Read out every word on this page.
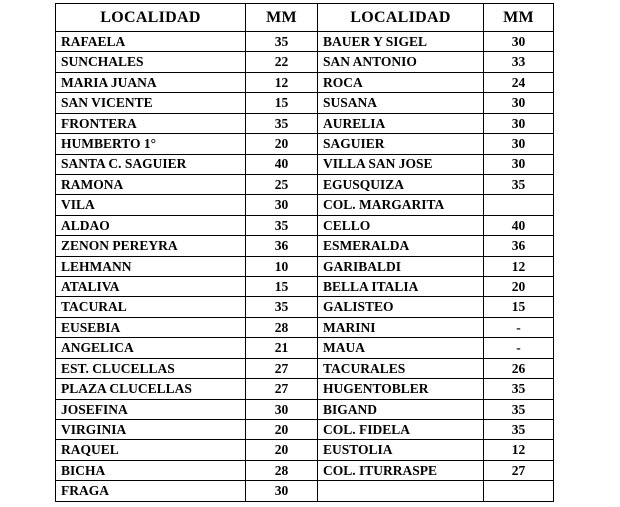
LOCALIDAD	MM	LOCALIDAD	MM
RAFAELA	35	BAUER Y SIGEL	30
SUNCHALES	22	SAN ANTONIO	33
MARIA JUANA	12	ROCA	24
SAN VICENTE	15	SUSANA	30
FRONTERA	35	AURELIA	30
HUMBERTO 1°	20	SAGUIER	30
SANTA C. SAGUIER	40	VILLA SAN JOSE	30
RAMONA	25	EGUSQUIZA	35
VILA	30	COL. MARGARITA	
ALDAO	35	CELLO	40
ZENON PEREYRA	36	ESMERALDA	36
LEHMANN	10	GARIBALDI	12
ATALIVA	15	BELLA ITALIA	20
TACURAL	35	GALISTEO	15
EUSEBIA	28	MARINI	-
ANGELICA	21	MAUA	-
EST. CLUCELLAS	27	TACURALES	26
PLAZA CLUCELLAS	27	HUGENTOBLER	35
JOSEFINA	30	BIGAND	35
VIRGINIA	20	COL. FIDELA	35
RAQUEL	20	EUSTOLIA	12
BICHA	28	COL. ITURRASPE	27
FRAGA	30		
